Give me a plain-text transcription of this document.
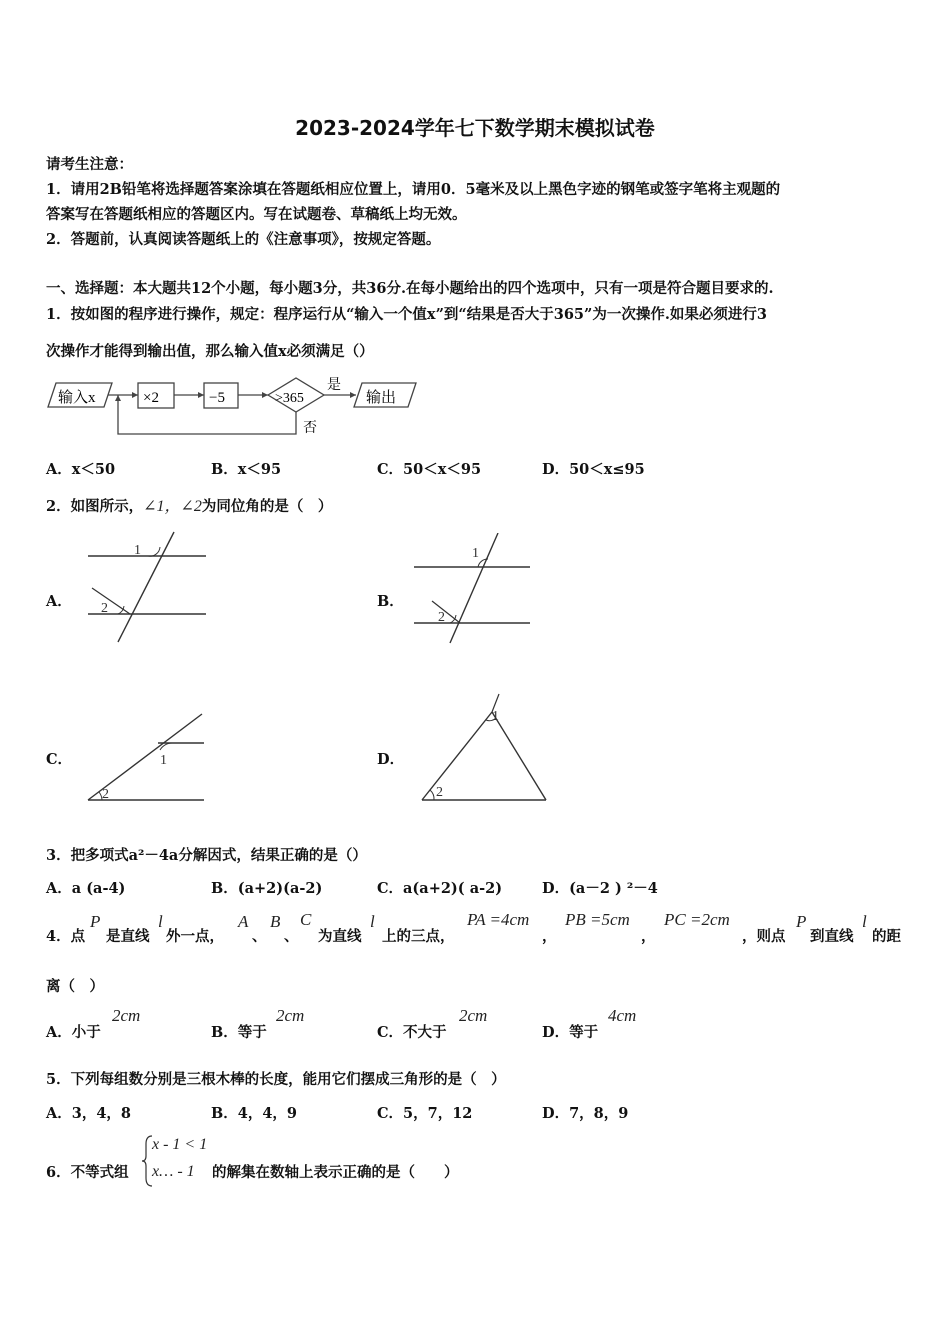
2023-2024学年七下数学期末模拟试卷
请考生注意：
1．请用2B铅笔将选择题答案涂填在答题纸相应位置上，请用0．5毫米及以上黑色字迹的钢笔或签字笔将主观题的
答案写在答题纸相应的答题区内。写在试题卷、草稿纸上均无效。
2．答题前，认真阅读答题纸上的《注意事项》，按规定答题。
一、选择题：本大题共12个小题，每小题3分，共36分.在每小题给出的四个选项中，只有一项是符合题目要求的.
1．按如图的程序进行操作，规定：程序运行从“输入一个值x”到“结果是否大于365”为一次操作.如果必须进行3
次操作才能得到输出值，那么输入值x必须满足（）
输入x	×2	−5	>365
是
输出
否
A．x＜50	B．x＜95	C．50＜x＜95	D．50＜x≤95
2．如图所示，∠1，∠2为同位角的是（　）
A．
1
2	B．
1
2
C．	1
2
D．
1
2
3．把多项式a²－4a分解因式，结果正确的是（）
A．a (a-4)	B．(a+2)(a-2)	C．a(a+2)( a-2)	D．(a－2 ) ²－4
4．点
P
是直线
l
外一点，
A
、
B
、
C
为直线
l
上的三点，
PA =4cm
，
PB =5cm
，
PC =2cm
，则点
P
到直线
l
的距
离（　）
A．小于
2cm
B．等于
2cm
C．不大于
2cm
D．等于
4cm
5．下列每组数分别是三根木棒的长度，能用它们摆成三角形的是（　）
A．3，4，8	B．4，4，9	C．5，7，12	D．7，8，9
6．不等式组
x - 1 < 1
x… - 1 的解集在数轴上表示正确的是（　　）
